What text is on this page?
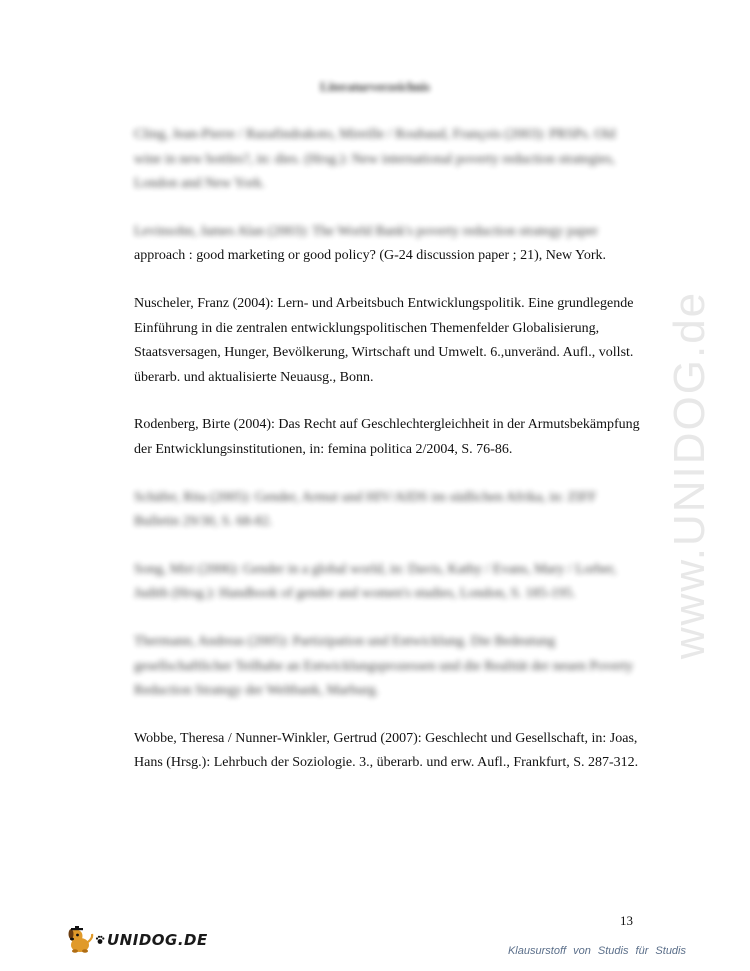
www.UNIDOG.de
Literaturverzeichnis
Cling, Jean-Pierre / Razafindrakoto, Mireille / Roubaud, François (2003): PRSPs. Old
wine in new bottles?, in: dies. (Hrsg.): New international poverty reduction strategies,
London and New York.
Levinsohn, James Alan (2003): The World Bank's poverty reduction strategy paper
approach : good marketing or good policy? (G-24 discussion paper ; 21), New York.
Nuscheler, Franz (2004): Lern- und Arbeitsbuch Entwicklungspolitik. Eine grundlegende
Einführung in die zentralen entwicklungspolitischen Themenfelder Globalisierung,
Staatsversagen, Hunger, Bevölkerung, Wirtschaft und Umwelt. 6.,unveränd. Aufl., vollst.
überarb. und aktualisierte Neuausg., Bonn.
Rodenberg, Birte (2004): Das Recht auf Geschlechtergleichheit in der Armutsbekämpfung
der Entwicklungsinstitutionen, in: femina politica 2/2004, S. 76-86.
Schäfer, Rita (2005): Gender, Armut und HIV/AIDS im südlichen Afrika, in: ZIFF
Bulletin 29/30, S. 68-82.
Song, Miri (2006): Gender in a global world, in: Davis, Kathy / Evans, Mary / Lorber,
Judith (Hrsg.): Handbook of gender and women's studies, London, S. 185-195.
Thermann, Andreas (2005): Partizipation und Entwicklung. Die Bedeutung
gesellschaftlicher Teilhabe an Entwicklungsprozessen und die Realität der neuen Poverty
Reduction Strategy der Weltbank, Marburg.
Wobbe, Theresa / Nunner-Winkler, Gertrud (2007): Geschlecht und Gesellschaft, in: Joas,
Hans (Hrsg.): Lehrbuch der Soziologie. 3., überarb. und erw. Aufl., Frankfurt, S. 287-312.
13
UNIDOG.DE
Klausurstoff von Studis für Studis
